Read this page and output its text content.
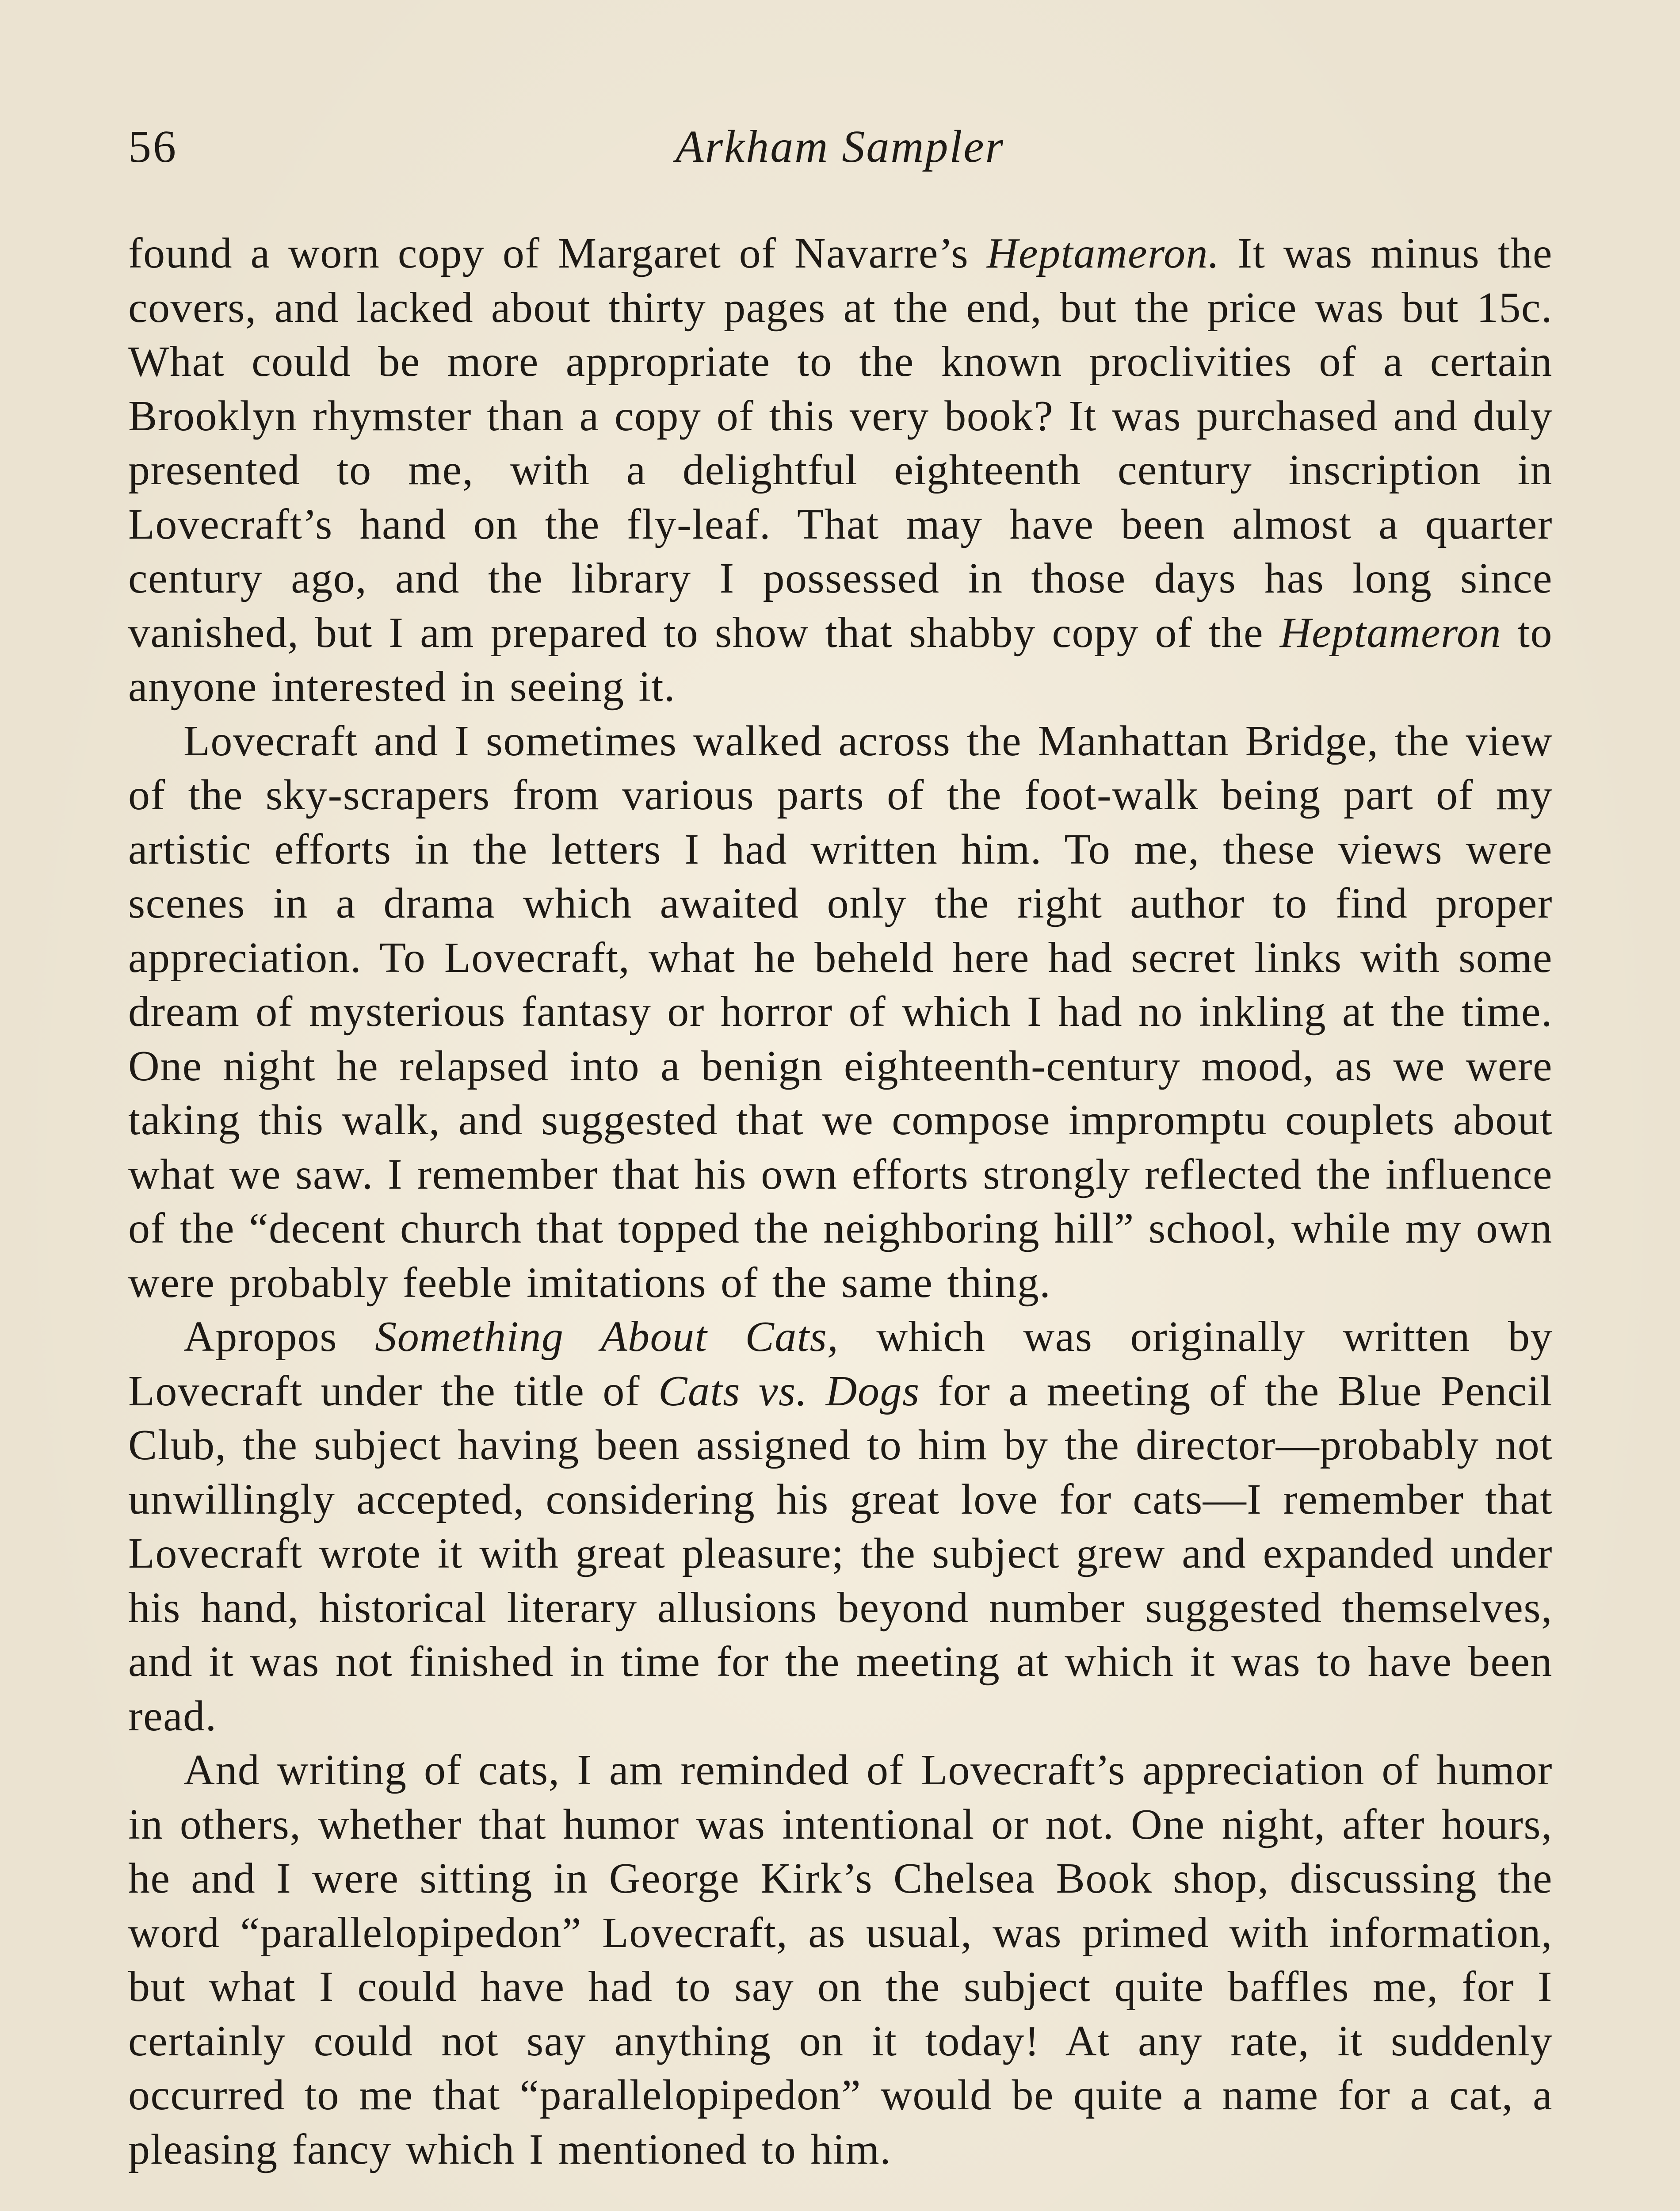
56	Arkham Sampler

found a worn copy of Margaret of Navarre’s Heptameron. It was minus the covers, and lacked about thirty pages at the end, but the price was but 15c. What could be more appropriate to the known proclivities of a certain Brooklyn rhymster than a copy of this very book? It was purchased and duly presented to me, with a delightful eighteenth century inscription in Lovecraft’s hand on the fly-leaf. That may have been almost a quarter century ago, and the library I possessed in those days has long since vanished, but I am prepared to show that shabby copy of the Heptameron to anyone interested in seeing it.

Lovecraft and I sometimes walked across the Manhattan Bridge, the view of the sky-scrapers from various parts of the foot-walk being part of my artistic efforts in the letters I had written him. To me, these views were scenes in a drama which awaited only the right author to find proper appreciation. To Lovecraft, what he beheld here had secret links with some dream of mysterious fantasy or horror of which I had no inkling at the time. One night he relapsed into a benign eighteenth-century mood, as we were taking this walk, and suggested that we compose impromptu couplets about what we saw. I remember that his own efforts strongly reflected the influence of the “decent church that topped the neighboring hill” school, while my own were probably feeble imitations of the same thing.

Apropos Something About Cats, which was originally written by Lovecraft under the title of Cats vs. Dogs for a meeting of the Blue Pencil Club, the subject having been assigned to him by the director—probably not unwillingly accepted, considering his great love for cats—I remember that Lovecraft wrote it with great pleasure; the subject grew and expanded under his hand, historical literary allusions beyond number suggested themselves, and it was not finished in time for the meeting at which it was to have been read.

And writing of cats, I am reminded of Lovecraft’s appreciation of humor in others, whether that humor was intentional or not. One night, after hours, he and I were sitting in George Kirk’s Chelsea Book shop, discussing the word “parallelopipedon” Lovecraft, as usual, was primed with information, but what I could have had to say on the subject quite baffles me, for I certainly could not say anything on it today! At any rate, it suddenly occurred to me that “parallelopipedon” would be quite a name for a cat, a pleasing fancy which I mentioned to him.
